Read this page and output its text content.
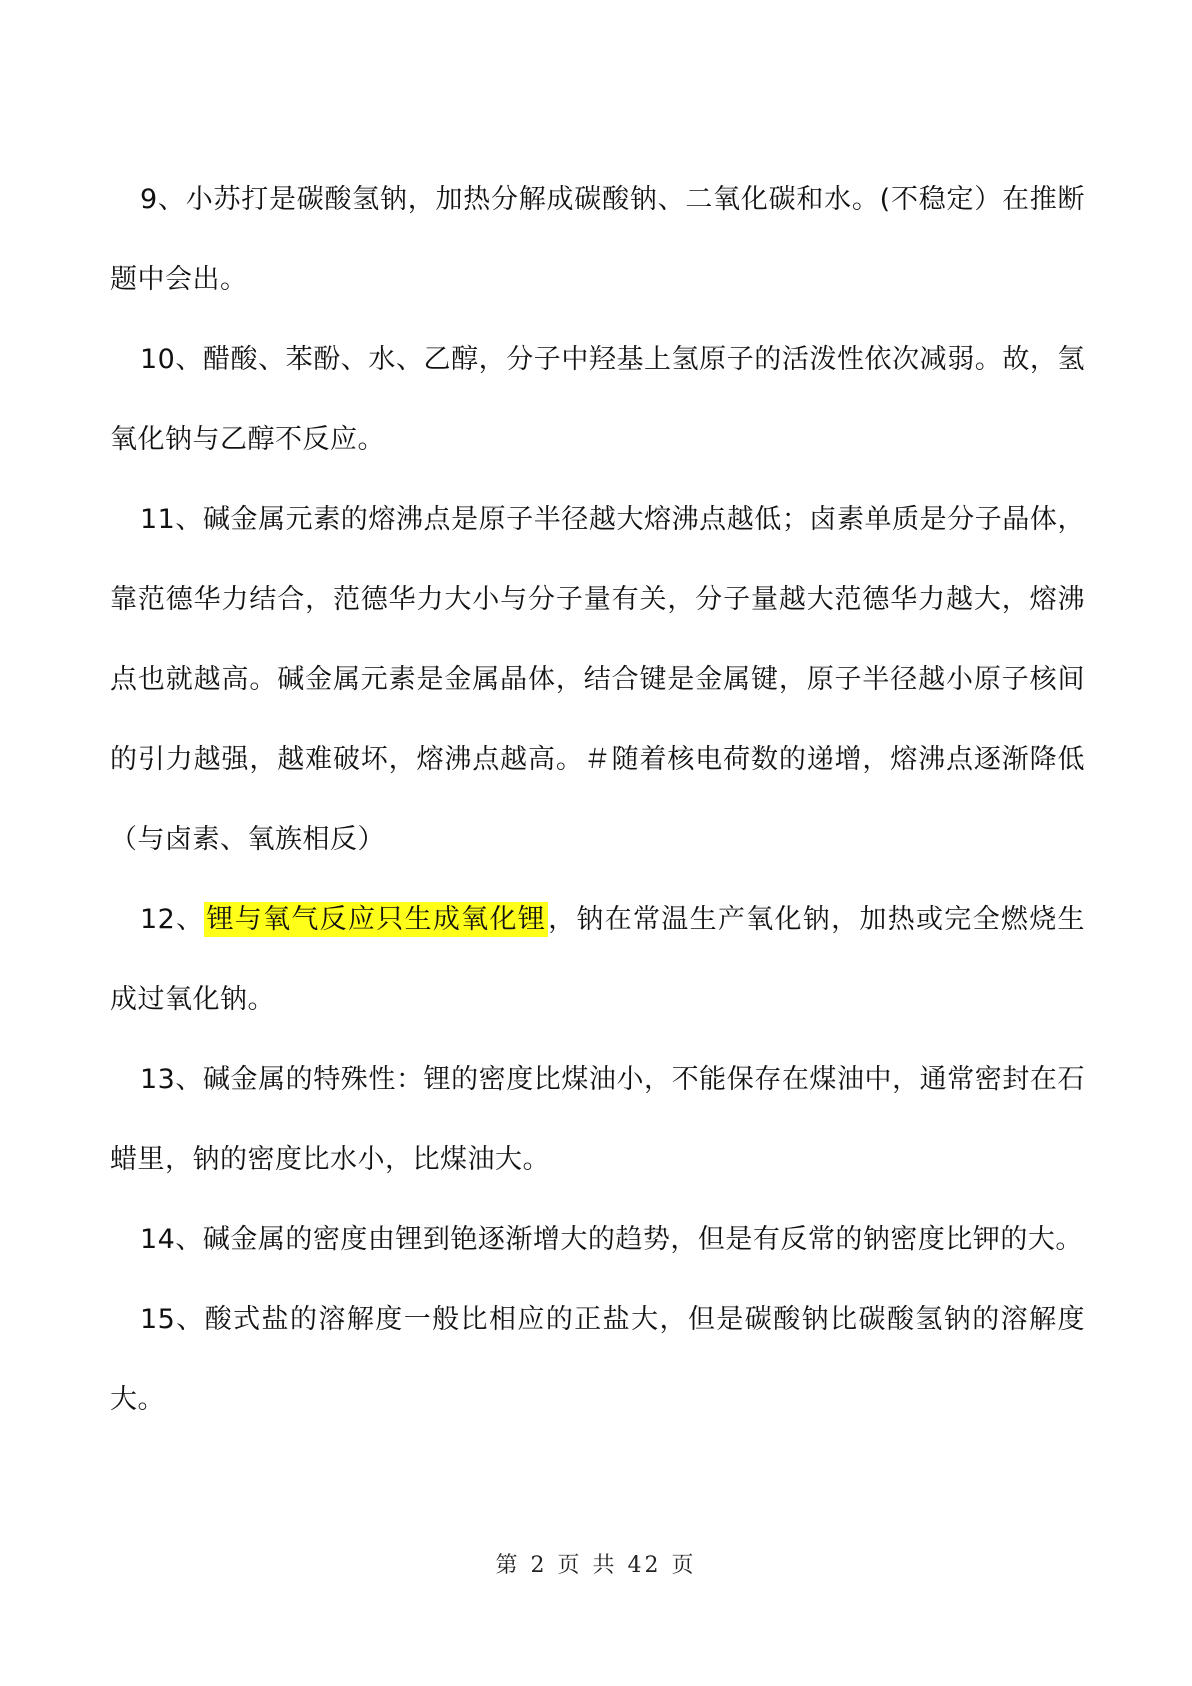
9、小苏打是碳酸氢钠，加热分解成碳酸钠、二氧化碳和水。(不稳定）在推断题中会出。

10、醋酸、苯酚、水、乙醇，分子中羟基上氢原子的活泼性依次减弱。故，氢氧化钠与乙醇不反应。

11、碱金属元素的熔沸点是原子半径越大熔沸点越低；卤素单质是分子晶体，靠范德华力结合，范德华力大小与分子量有关，分子量越大范德华力越大，熔沸点也就越高。碱金属元素是金属晶体，结合键是金属键，原子半径越小原子核间的引力越强，越难破坏，熔沸点越高。＃随着核电荷数的递增，熔沸点逐渐降低（与卤素、氧族相反）

12、锂与氧气反应只生成氧化锂，钠在常温生产氧化钠，加热或完全燃烧生成过氧化钠。

13、碱金属的特殊性：锂的密度比煤油小，不能保存在煤油中，通常密封在石蜡里，钠的密度比水小，比煤油大。

14、碱金属的密度由锂到铯逐渐增大的趋势，但是有反常的钠密度比钾的大。

15、酸式盐的溶解度一般比相应的正盐大，但是碳酸钠比碳酸氢钠的溶解度大。

第 2 页 共 42 页
